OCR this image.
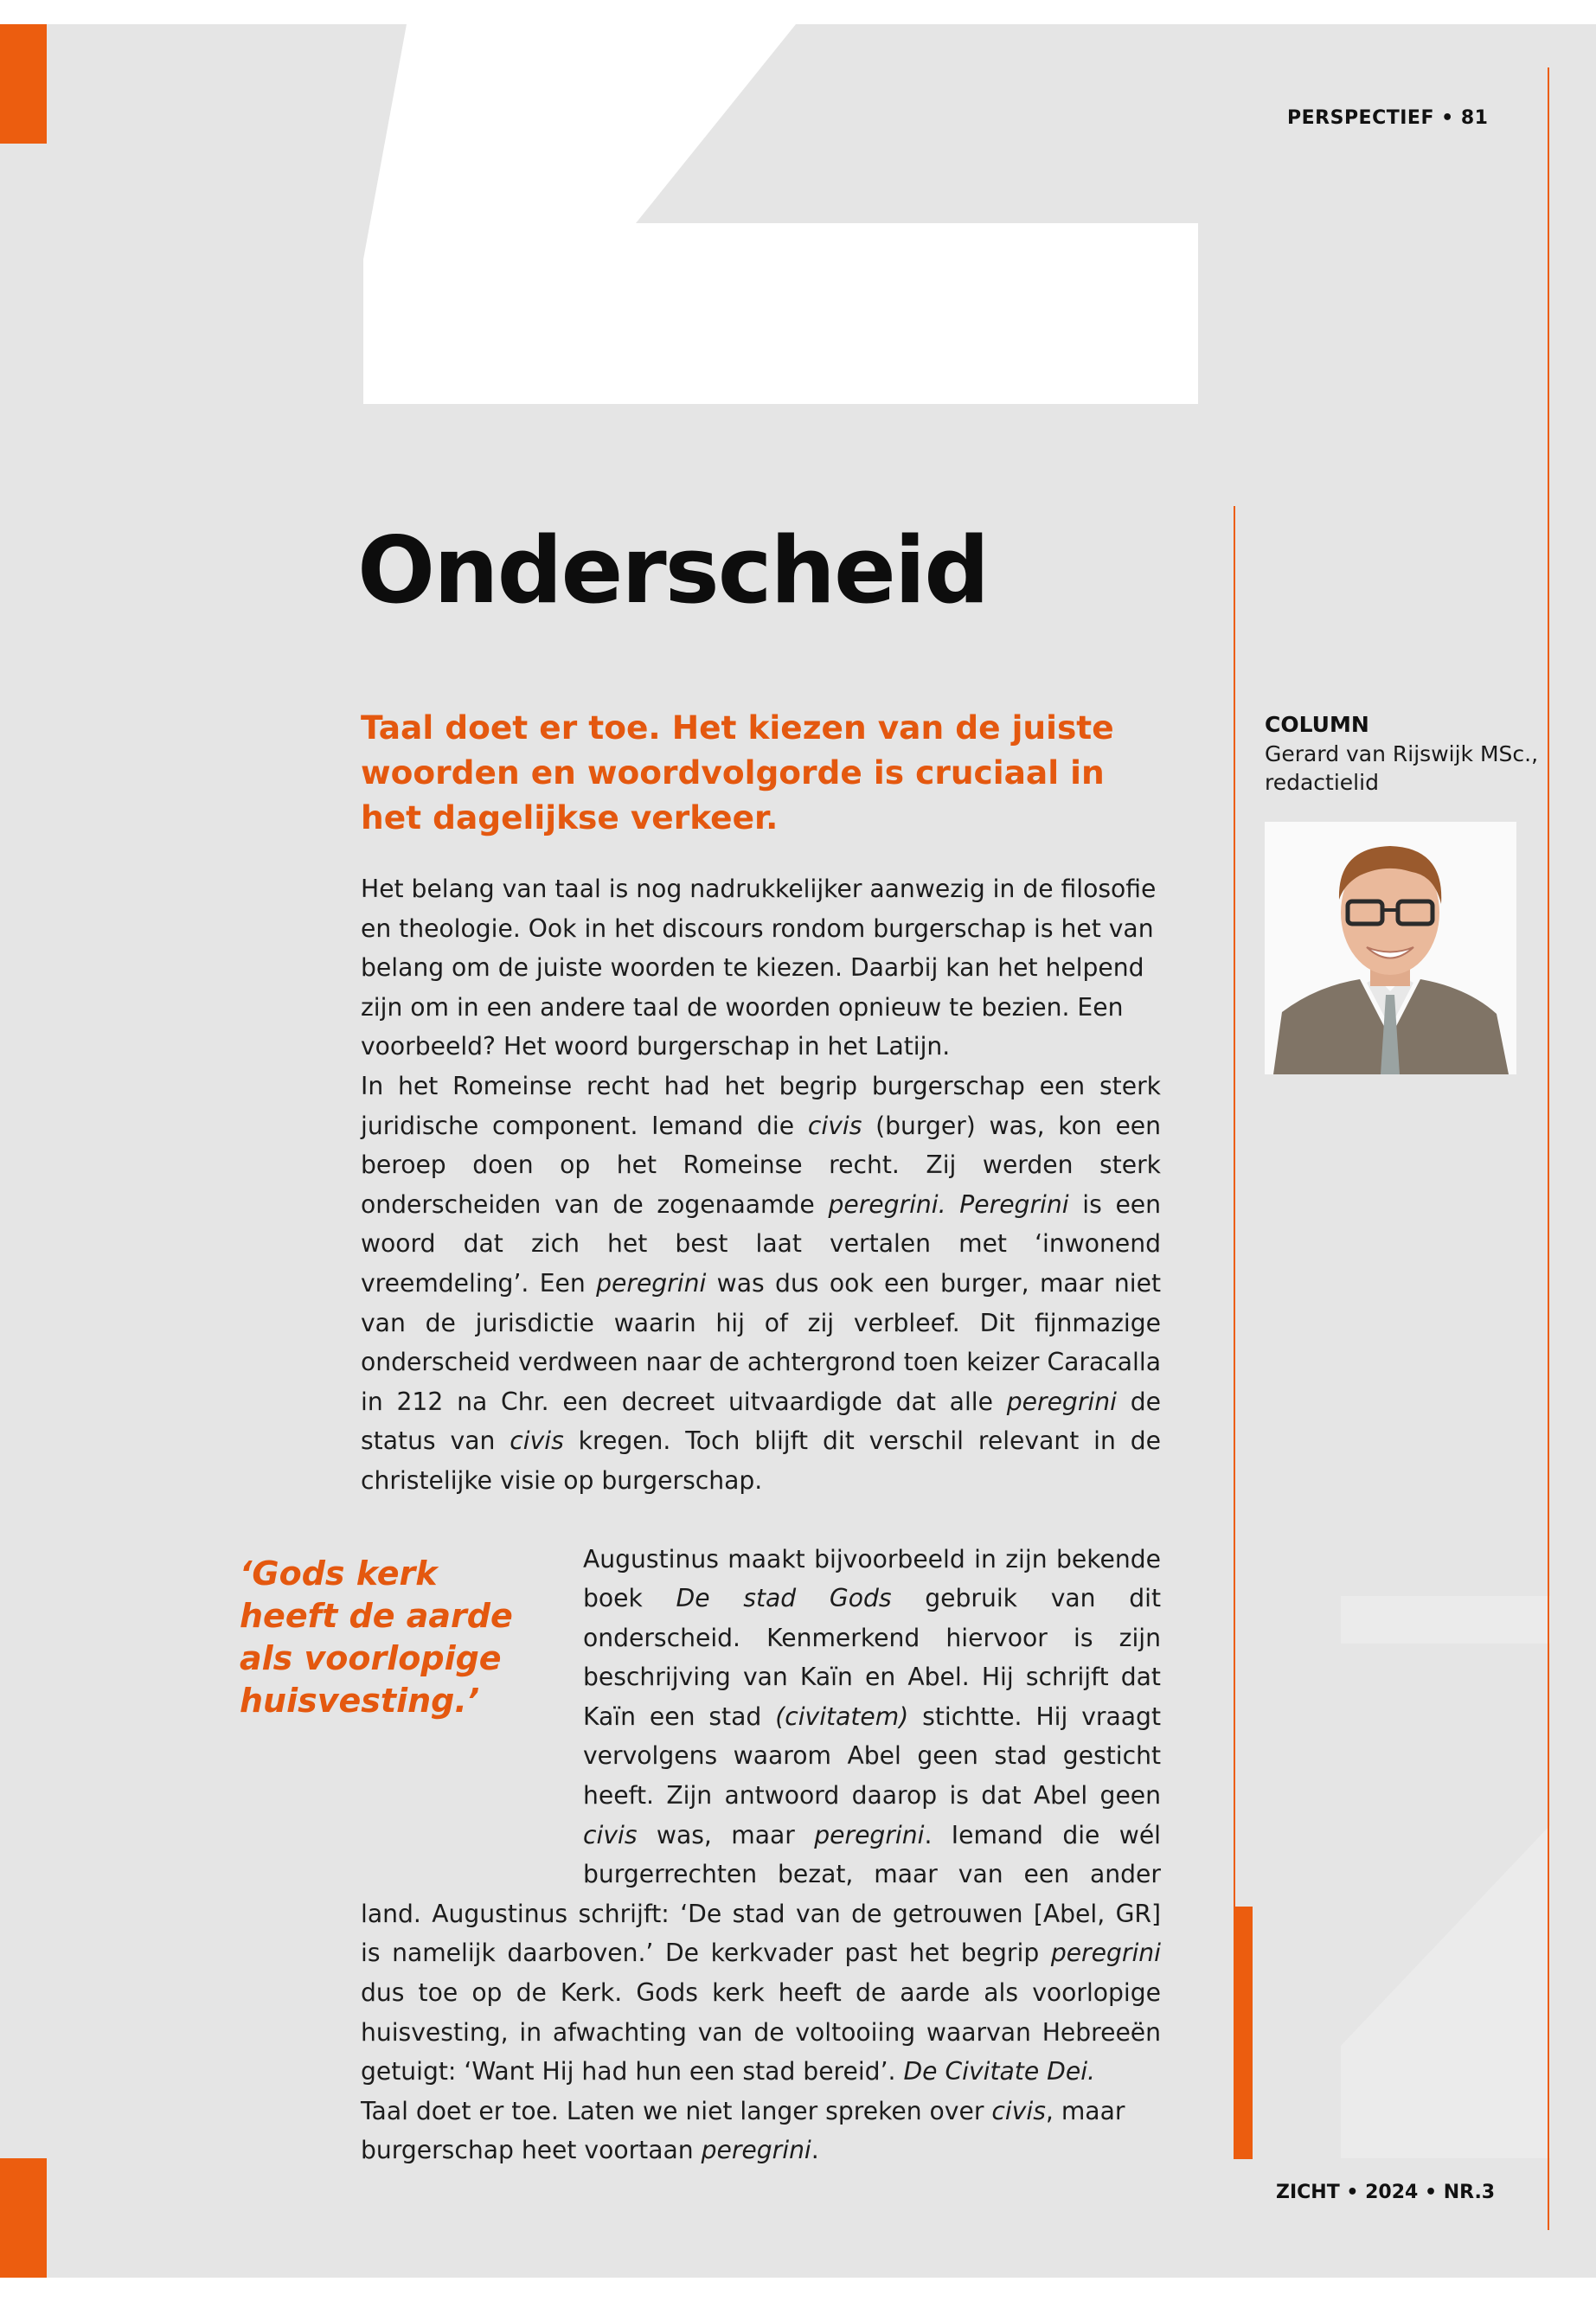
PERSPECTIEF • 81
ZICHT • 2024 • NR.3
Onderscheid

Taal doet er toe. Het kiezen van de juiste woorden en woordvolgorde is cruciaal in het dagelijkse verkeer.

Het belang van taal is nog nadrukkelijker aanwezig in de filosofie en theologie. Ook in het discours rondom burgerschap is het van belang om de juiste woorden te kiezen. Daarbij kan het helpend zijn om in een andere taal de woorden opnieuw te bezien. Een voorbeeld? Het woord burgerschap in het Latijn.

In het Romeinse recht had het begrip burgerschap een sterk juridische component. Iemand die civis (burger) was, kon een beroep doen op het Romeinse recht. Zij werden sterk onderscheiden van de zogenaamde peregrini. Peregrini is een woord dat zich het best laat vertalen met ‘inwonend vreemdeling’. Een peregrini was dus ook een burger, maar niet van de jurisdictie waarin hij of zij verbleef. Dit fijnmazige onderscheid verdween naar de achtergrond toen keizer Caracalla in 212 na Chr. een decreet uitvaardigde dat alle peregrini de status van civis kregen. Toch blijft dit verschil relevant in de christelijke visie op burgerschap.

Augustinus maakt bijvoorbeeld in zijn bekende boek De stad Gods gebruik van dit onderscheid. Kenmerkend hiervoor is zijn beschrijving van Kaïn en Abel. Hij schrijft dat Kaïn een stad (civitatem) stichtte. Hij vraagt vervolgens waarom Abel geen stad gesticht heeft. Zijn antwoord daarop is dat Abel geen civis was, maar peregrini. Iemand die wél burgerrechten bezat, maar van een ander land. Augustinus schrijft: ‘De stad van de getrouwen [Abel, GR] is namelijk daarboven.’ De kerkvader past het begrip peregrini dus toe op de Kerk. Gods kerk heeft de aarde als voorlopige huisvesting, in afwachting van de voltooiing waarvan Hebreeën getuigt: ‘Want Hij had hun een stad bereid’. De Civitate Dei.

Taal doet er toe. Laten we niet langer spreken over civis, maar burgerschap heet voortaan peregrini.

‘Gods kerk heeft de aarde als voorlopige huisvesting.’

COLUMN

Gerard van Rijswijk MSc., redactielid
